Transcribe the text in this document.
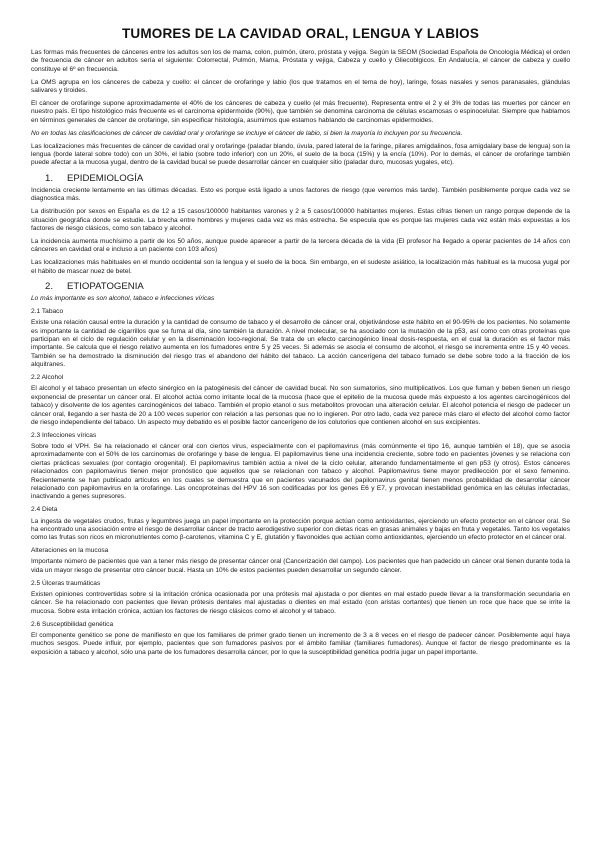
TUMORES DE LA CAVIDAD ORAL, LENGUA Y LABIOS

Las formas más frecuentes de cánceres entre los adultos son los de mama, colon, pulmón, útero, próstata y vejiga. Según la SEOM (Sociedad Española de Oncología Médica) el orden de frecuencia de cáncer en adultos sería el siguiente: Colorrectal, Pulmón, Mama, Próstata y vejiga, Cabeza y cuello y Gliecoblgicos. En Andalucía, el cáncer de cabeza y cuello constituye el 6º en frecuencia.

La OMS agrupa en los cánceres de cabeza y cuello: el cáncer de orofaringe y labio (los que tratamos en el tema de hoy), laringe, fosas nasales y senos paranasales, glándulas salivares y tiroides.

El cáncer de orofaringe supone aproximadamente el 40% de los cánceres de cabeza y cuello (el más frecuente). Representa entre el 2 y el 3% de todas las muertes por cáncer en nuestro país. El tipo histológico más frecuente es el carcinoma epidermoide (90%), que también se denomina carcinoma de células escamosas o espinocelular. Siempre que hablamos en términos generales de cáncer de orofaringe, sin especificar histología, asumimos que estamos hablando de carcinomas epidermoides.

No en todas las clasificaciones de cáncer de cavidad oral y orofaringe se incluye el cáncer de labio, si bien la mayoría lo incluyen por su frecuencia.

Las localizaciones más frecuentes de cáncer de cavidad oral y orofaringe (paladar blando, úvula, pared lateral de la faringe, pilares amigdalinos, fosa amigdalary base de lengua) son la lengua (borde lateral sobre todo) con un 30%, el labio (sobre todo inferior) con un 20%, el suelo de la boca (15%) y la encía (10%). Por lo demás, el cáncer de orofaringe también puede afectar a la mucosa yugal, dentro de la cavidad bucal se puede desarrollar cáncer en cualquier sitio (paladar duro, mucosas yugales, etc).

1. EPIDEMIOLOGÍA

Incidencia creciente lentamente en las últimas décadas. Esto es porque está ligado a unos factores de riesgo (que veremos más tarde). También posiblemente porque cada vez se diagnostica más.

La distribución por sexos en España es de 12 a 15 casos/100000 habitantes varones y 2 a 5 casos/100000 habitantes mujeres. Estas cifras tienen un rango porque depende de la situación geográfica donde se estudie. La brecha entre hombres y mujeres cada vez es más estrecha. Se especula que es porque las mujeres cada vez están más expuestas a los factores de riesgo clásicos, como son tabaco y alcohol.

La incidencia aumenta muchísimo a partir de los 50 años, aunque puede aparecer a partir de la tercera década de la vida (El profesor ha llegado a operar pacientes de 14 años con cánceres en cavidad oral e incluso a un paciente con 103 años)

Las localizaciones más habituales en el mundo occidental son la lengua y el suelo de la boca. Sin embargo, en el sudeste asiático, la localización más habitual es la mucosa yugal por el hábito de mascar nuez de betel.

2. ETIOPATOGENIA

Lo más importante es son alcohol, tabaco e infecciones víricas

2.1 Tabaco

Existe una relación causal entre la duración y la cantidad de consumo de tabaco y el desarrollo de cáncer oral, objetivándose este hábito en el 90-95% de los pacientes. No solamente es importante la cantidad de cigarrillos que se fuma al día, sino también la duración. A nivel molecular, se ha asociado con la mutación de la p53, así como con otras proteínas que participan en el ciclo de regulación celular y en la diseminación loco-regional. Se trata de un efecto carcinogénico lineal dosis-respuesta, en el cual la duración es el factor más importante. Se calcula que el riesgo relativo aumenta en los fumadores entre 5 y 25 veces. Si además se asocia el consumo de alcohol, el riesgo se incrementa entre 15 y 40 veces. También se ha demostrado la disminución del riesgo tras el abandono del hábito del tabaco. La acción cancerígena del tabaco fumado se debe sobre todo a la fracción de los alquitranes.

2.2 Alcohol

El alcohol y el tabaco presentan un efecto sinérgico en la patogénesis del cáncer de cavidad bucal. No son sumatorios, sino multiplicativos. Los que fuman y beben tienen un riesgo exponencial de presentar un cáncer oral. El alcohol actúa como irritante local de la mucosa (hace que el epitelio de la mucosa quede más expuesto a los agentes carcinogénicos del tabaco) y disolvente de los agentes carcinogénicos del tabaco. También el propio etanol o sus metabolitos provocan una alteración celular. El alcohol potencia el riesgo de padecer un cáncer oral, llegando a ser hasta de 20 a 100 veces superior con relación a las personas que no lo ingieren. Por otro lado, cada vez parece más claro el efecto del alcohol como factor de riesgo independiente del tabaco. Un aspecto muy debatido es el posible factor cancerígeno de los colutorios que contienen alcohol en sus excipientes.

2.3 Infecciones víricas

Sobre todo el VPH. Se ha relacionado el cáncer oral con ciertos virus, especialmente con el papilomavirus (más comúnmente el tipo 16, aunque también el 18), que se asocia aproximadamente con el 50% de los carcinomas de orofaringe y base de lengua. El papilomavirus tiene una incidencia creciente, sobre todo en pacientes jóvenes y se relaciona con ciertas prácticas sexuales (por contagio orogenital). El papilomavirus también actúa a nivel de la ciclo celular, alterando fundamentalmente el gen p53 (y otros). Estos cánceres relacionados con papilomavirus tienen mejor pronóstico que aquellos que se relacionan con tabaco y alcohol. Papilomavirus tiene mayor predilección por el sexo femenino. Recientemente se han publicado artículos en los cuales se demuestra que en pacientes vacunados del papilomavirus genital tienen menos probabilidad de desarrollar cáncer relacionado con papilomavirus en la orofaringe. Las oncoproteínas del HPV 16 son codificadas por los genes E6 y E7, y provocan inestabilidad genómica en las células infectadas, inactivando a genes supresores.

2.4 Dieta

La ingesta de vegetales crudos, frutas y legumbres juega un papel importante en la protección porque actúan como antioxidantes, ejerciendo un efecto protector en el cáncer oral. Se ha encontrado una asociación entre el riesgo de desarrollar cáncer de tracto aerodigestivo superior con dietas ricas en grasas animales y bajas en fruta y vegetales. Tanto los vegetales como las frutas son ricos en micronutrientes como β-carotenos, vitamina C y E, glutatión y flavonoides que actúan como antioxidantes, ejerciendo un efecto protector en el cáncer oral.

Alteraciones en la mucosa

Importante número de pacientes que van a tener más riesgo de presentar cáncer oral (Cancerización del campo). Los pacientes que han padecido un cáncer oral tienen durante toda la vida un mayor riesgo de presentar otro cáncer bucal. Hasta un 10% de estos pacientes pueden desarrollar un segundo cáncer.

2.5 Úlceras traumáticas

Existen opiniones controvertidas sobre si la irritación crónica ocasionada por una prótesis mal ajustada o por dientes en mal estado puede llevar a la transformación secundaria en cáncer. Se ha relacionado con pacientes que llevan prótesis dentales mal ajustadas o dientes en mal estado (con aristas cortantes) que tienen un roce que hace que se irrite la mucosa. Sobre esta irritación crónica, actúan los factores de riesgo clásicos como el alcohol y el tabaco.

2.6 Susceptibilidad genética

El componente genético se pone de manifiesto en que los familiares de primer grado tienen un incremento de 3 a 8 veces en el riesgo de padecer cáncer. Posiblemente aquí haya muchos sesgos. Puede influir, por ejemplo, pacientes que son fumadores pasivos por el ámbito familiar (familiares fumadores). Aunque el factor de riesgo predominante es la exposición a tabaco y alcohol, sólo una parte de los fumadores desarrolla cáncer, por lo que la susceptibilidad genética podría jugar un papel importante.
